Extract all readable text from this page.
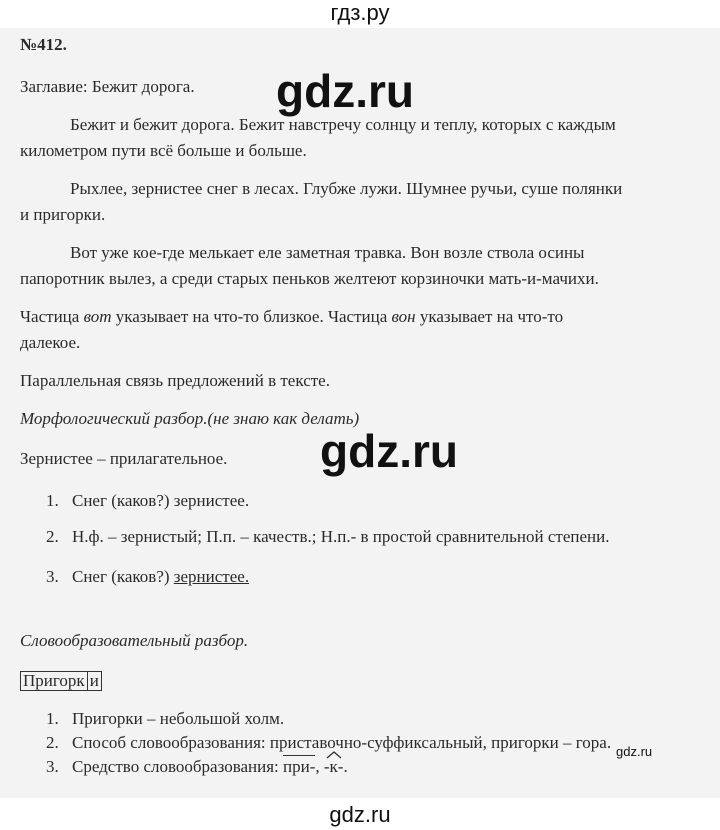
гдз.ру
№412.
Заглавие: Бежит дорога.
Бежит и бежит дорога. Бежит навстречу солнцу и теплу, которых с каждым
километром пути всё больше и больше.
Рыхлее, зернистее снег в лесах. Глубже лужи. Шумнее ручьи, суше полянки
и пригорки.
Вот уже кое-где мелькает еле заметная травка. Вон возле ствола осины
папоротник вылез, а среди старых пеньков желтеют корзиночки мать-и-мачихи.
Частица вот указывает на что-то близкое. Частица вон указывает на что-то
далекое.
Параллельная связь предложений в тексте.
Морфологический разбор.(не знаю как делать)
Зернистее – прилагательное.
1. Снег (каков?) зернистее.
2. Н.ф. – зернистый; П.п. – качеств.; Н.п.- в простой сравнительной степени.
3. Снег (каков?) зернистее.
Словообразовательный разбор.
Пригорк и
1. Пригорки – небольшой холм.
2. Способ словообразования: приставочно-суффиксальный, пригорки – гора.
3. Средство словообразования: при-,
-к-.
gdz.ru
gdz.ru
gdz.ru
gdz.ru
